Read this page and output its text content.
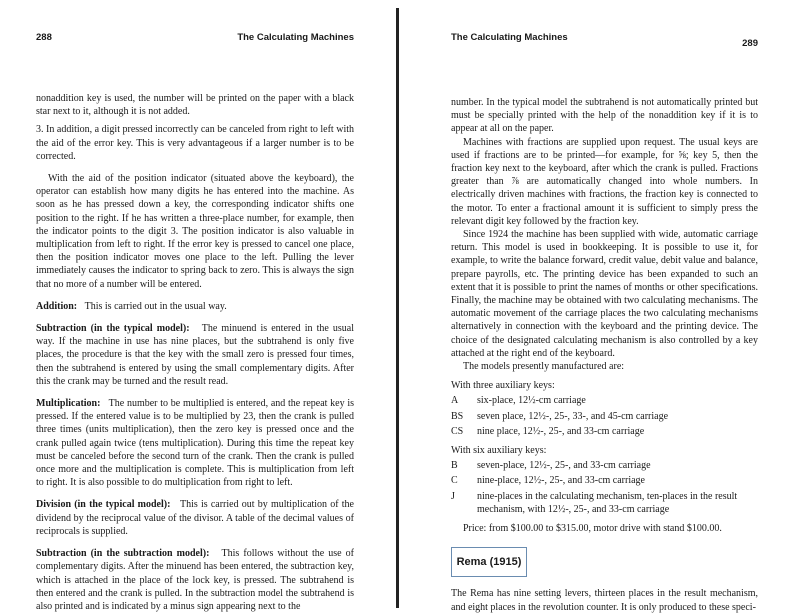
288	The Calculating Machines

nonaddition key is used, the number will be printed on the paper with a black star next to it, although it is not added.

3. In addition, a digit pressed incorrectly can be canceled from right to left with the aid of the error key. This is very advantageous if a larger number is to be corrected.

With the aid of the position indicator (situated above the keyboard), the operator can establish how many digits he has entered into the machine. As soon as he has pressed down a key, the corresponding indicator shifts one position to the right. If he has written a three-place number, for example, then the indicator points to the digit 3. The position indicator is also valuable in multiplication from left to right. If the error key is pressed to cancel one place, then the position indicator moves one place to the left. Pulling the lever immediately causes the indicator to spring back to zero. This is always the sign that no more of a number will be entered.

Addition: This is carried out in the usual way.

Subtraction (in the typical model): The minuend is entered in the usual way. If the machine in use has nine places, but the subtrahend is only five places, the procedure is that the key with the small zero is pressed four times, then the subtrahend is entered by using the small complementary digits. After this the crank may be turned and the result read.

Multiplication: The number to be multiplied is entered, and the repeat key is pressed. If the entered value is to be multiplied by 23, then the crank is pulled three times (units multiplication), then the zero key is pressed once and the crank pulled again twice (tens multiplication). During this time the repeat key must be canceled before the second turn of the crank. Then the crank is pulled once more and the multiplication is complete. This is multiplication from left to right. It is also possible to do multiplication from right to left.

Division (in the typical model): This is carried out by multiplication of the dividend by the reciprocal value of the divisor. A table of the decimal values of reciprocals is supplied.

Subtraction (in the subtraction model): This follows without the use of complementary digits. After the minuend has been entered, the subtraction key, which is attached in the place of the lock key, is pressed. The subtrahend is then entered and the crank is pulled. In the subtraction model the subtrahend is also printed and is indicated by a minus sign appearing next to the

The Calculating Machines
289

number. In the typical model the subtrahend is not automatically printed but must be specially printed with the help of the nonaddition key if it is to appear at all on the paper.

Machines with fractions are supplied upon request. The usual keys are used if fractions are to be printed—for example, for ⅝; key 5, then the fraction key next to the keyboard, after which the crank is pulled. Fractions greater than ⅞ are automatically changed into whole numbers. In electrically driven machines with fractions, the fraction key is connected to the motor. To enter a fractional amount it is sufficient to simply press the relevant digit key followed by the fraction key.

Since 1924 the machine has been supplied with wide, automatic carriage return. This model is used in bookkeeping. It is possible to use it, for example, to write the balance forward, credit value, debit value and balance, prepare payrolls, etc. The printing device has been expanded to such an extent that it is possible to print the names of months or other specifications. Finally, the machine may be obtained with two calculating mechanisms. The automatic movement of the carriage places the two calculating mechanisms alternatively in connection with the keyboard and the printing device. The choice of the designated calculating mechanism is also controlled by a key attached at the right end of the keyboard.

The models presently manufactured are:

With three auxiliary keys:
A	six-place, 12½-cm carriage
BS	seven place, 12½-, 25-, 33-, and 45-cm carriage
CS	nine place, 12½-, 25-, and 33-cm carriage
With six auxiliary keys:
B	seven-place, 12½-, 25-, and 33-cm carriage
C	nine-place, 12½-, 25-, and 33-cm carriage
J	nine-places in the calculating mechanism, ten-places in the result mechanism, with 12½-, 25-, and 33-cm carriage
Price: from $100.00 to $315.00, motor drive with stand $100.00.
Rema (1915)

The Rema has nine setting levers, thirteen places in the result mechanism, and eight places in the revolution counter. It is only produced to these speci-
